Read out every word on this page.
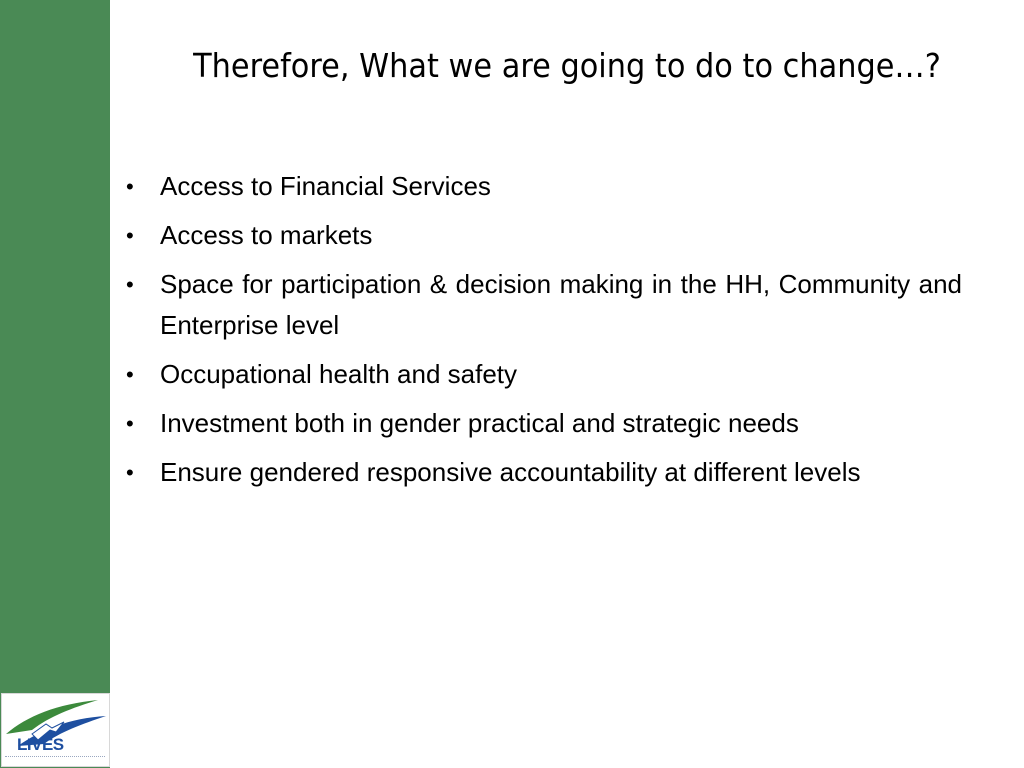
LIVES
Therefore, What we are going to do to change…?
• Access to Financial Services
• Access to markets
• Space for participation & decision making in the HH, Community and Enterprise level
• Occupational health and safety
• Investment both in gender practical and strategic needs
• Ensure gendered responsive accountability at different levels
